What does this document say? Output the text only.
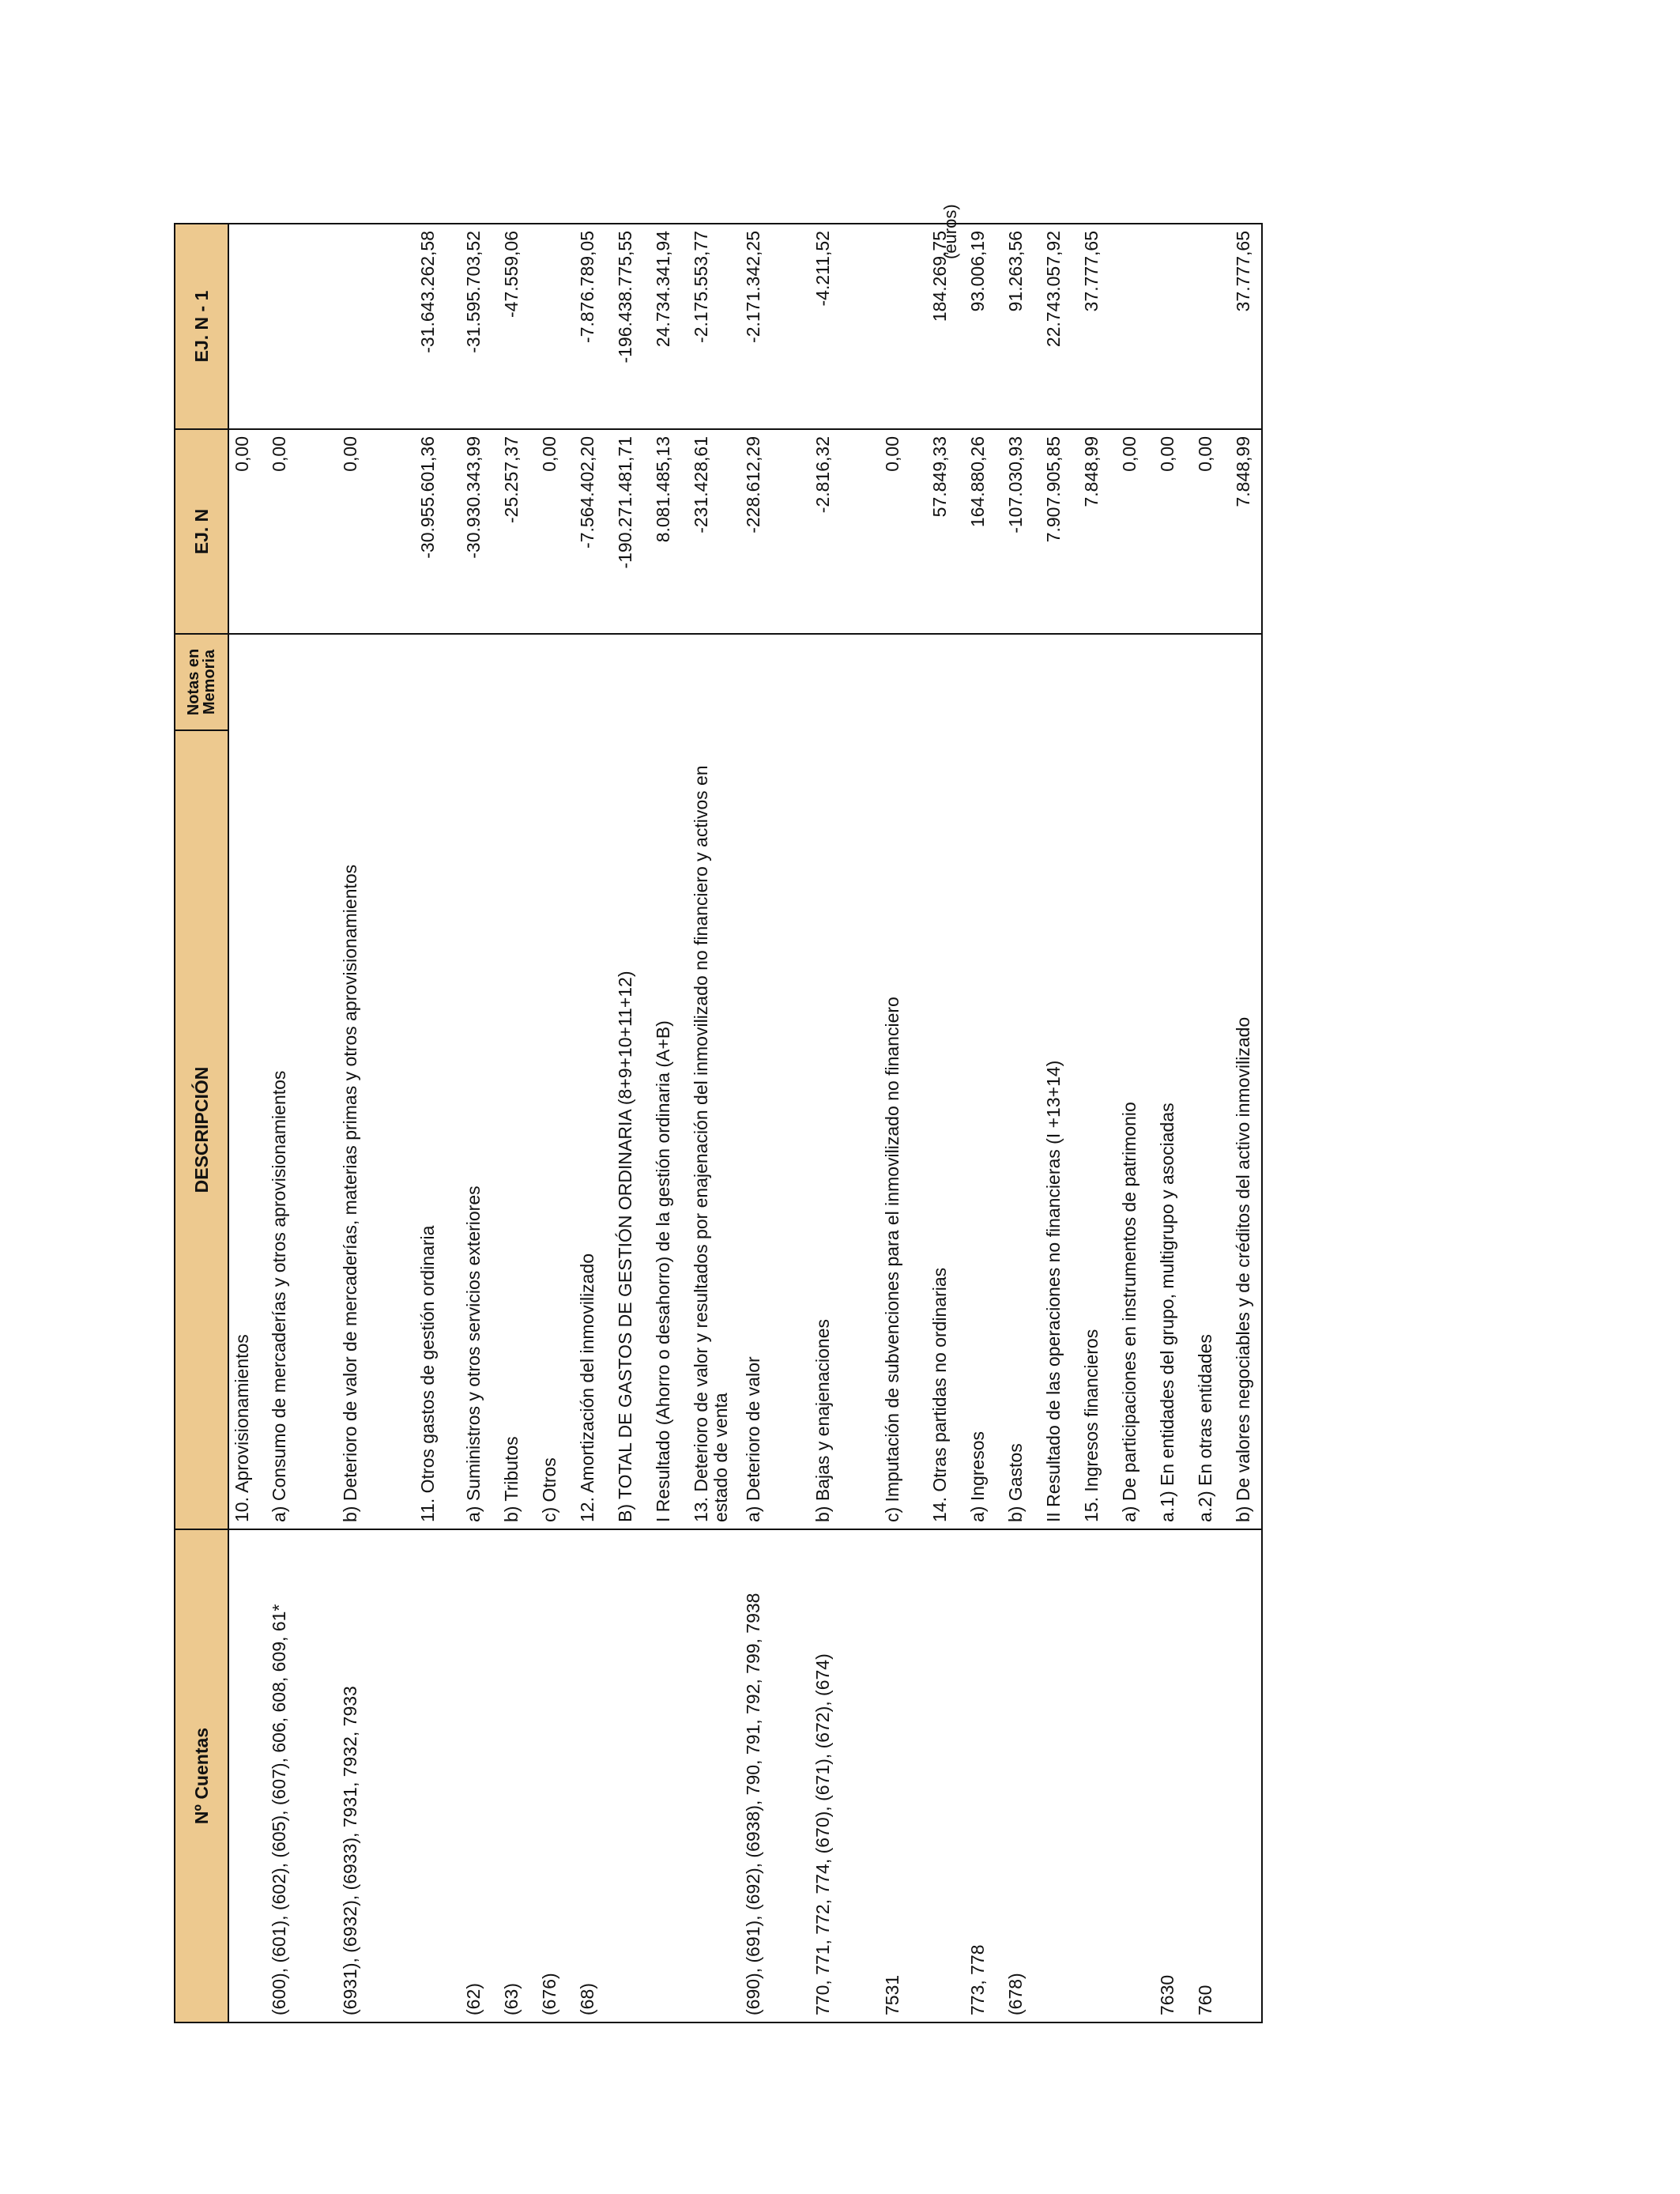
(euros)
Nº Cuentas	DESCRIPCIÓN	Notas en Memoria	EJ. N	EJ. N - 1
	10. Aprovisionamientos		0,00	
(600), (601), (602), (605), (607), 606, 608, 609, 61*	a) Consumo de mercaderías y otros aprovisionamientos		0,00	
(6931), (6932), (6933), 7931, 7932, 7933	b) Deterioro de valor de mercaderías, materias primas y otros aprovisionamientos		0,00	
	11. Otros gastos de gestión ordinaria		-30.955.601,36	-31.643.262,58
(62)	a) Suministros y otros servicios exteriores		-30.930.343,99	-31.595.703,52
(63)	b) Tributos		-25.257,37	-47.559,06
(676)	c) Otros		0,00	
(68)	12. Amortización del inmovilizado		-7.564.402,20	-7.876.789,05
	B) TOTAL DE GASTOS DE GESTIÓN ORDINARIA (8+9+10+11+12)		-190.271.481,71	-196.438.775,55
	I Resultado (Ahorro o desahorro) de la gestión ordinaria (A+B)		8.081.485,13	24.734.341,94
	13. Deterioro de valor y resultados por enajenación del inmovilizado no financiero y activos en estado de venta		-231.428,61	-2.175.553,77
(690), (691), (692), (6938), 790, 791, 792, 799, 7938	a) Deterioro de valor		-228.612,29	-2.171.342,25
770, 771, 772, 774, (670), (671), (672), (674)	b) Bajas y enajenaciones		-2.816,32	-4.211,52
7531	c) Imputación de subvenciones para el inmovilizado no financiero		0,00	
	14. Otras partidas no ordinarias		57.849,33	184.269,75
773, 778	a) Ingresos		164.880,26	93.006,19
(678)	b) Gastos		-107.030,93	91.263,56
	II Resultado de las operaciones no financieras (I +13+14)		7.907.905,85	22.743.057,92
	15. Ingresos financieros		7.848,99	37.777,65
	a) De participaciones en instrumentos de patrimonio		0,00	
7630	a.1) En entidades del grupo, multigrupo y asociadas		0,00	
760	a.2) En otras entidades		0,00	
	b) De valores negociables y de créditos del activo inmovilizado		7.848,99	37.777,65
